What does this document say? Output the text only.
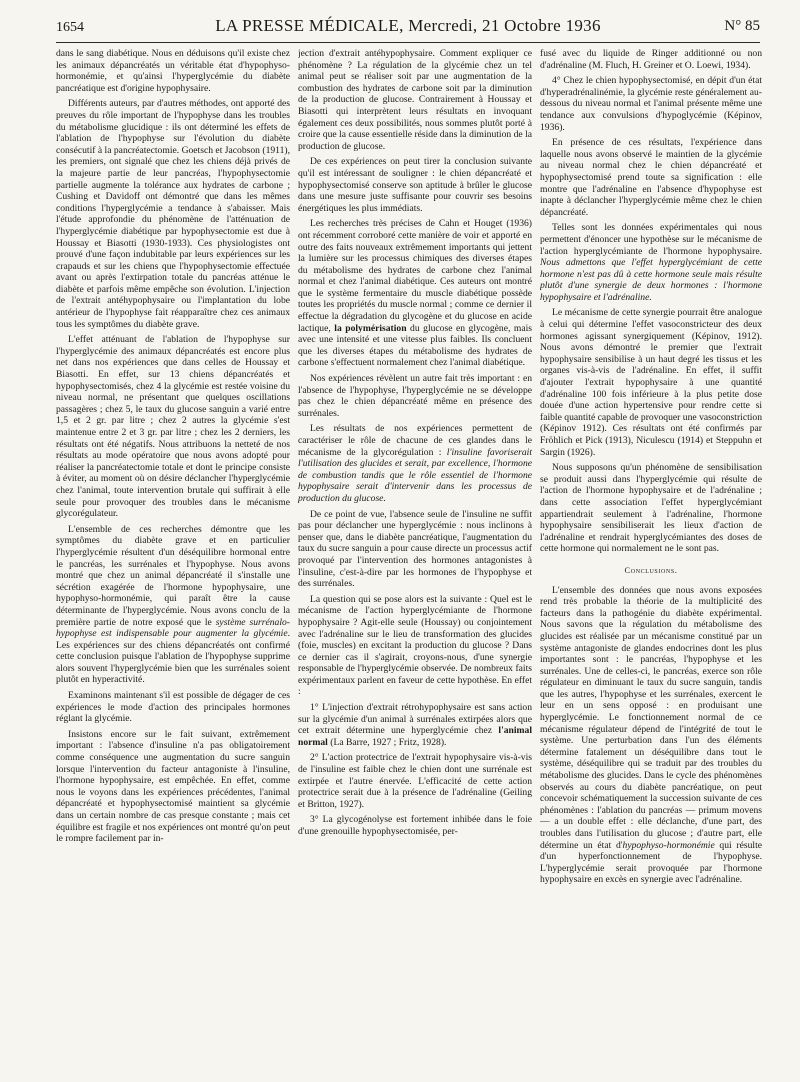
1654	LA PRESSE MÉDICALE, Mercredi, 21 Octobre 1936	N° 85

dans le sang diabétique. Nous en déduisons qu'il existe chez les animaux dépancréatés un véritable état d'hypophyso-hormonémie, et qu'ainsi l'hyperglycémie du diabète pancréatique est d'origine hypophysaire.

Différents auteurs, par d'autres méthodes, ont apporté des preuves du rôle important de l'hypophyse dans les troubles du métabolisme glucidique : ils ont déterminé les effets de l'ablation de l'hypophyse sur l'évolution du diabète consécutif à la pancréatectomie. Goetsch et Jacobson (1911), les premiers, ont signalé que chez les chiens déjà privés de la majeure partie de leur pancréas, l'hypophysectomie partielle augmente la tolérance aux hydrates de carbone ; Cushing et Davidoff ont démontré que dans les mêmes conditions l'hyperglycémie a tendance à s'abaisser. Mais l'étude approfondie du phénomène de l'atténuation de l'hyperglycémie diabétique par hypophysectomie est due à Houssay et Biasotti (1930-1933). Ces physiologistes ont prouvé d'une façon indubitable par leurs expériences sur les crapauds et sur les chiens que l'hypophysectomie effectuée avant ou après l'extirpation totale du pancréas atténue le diabète et parfois même empêche son évolution. L'injection de l'extrait antéhypophysaire ou l'implantation du lobe antérieur de l'hypophyse fait réapparaître chez ces animaux tous les symptômes du diabète grave.

L'effet atténuant de l'ablation de l'hypophyse sur l'hyperglycémie des animaux dépancréatés est encore plus net dans nos expériences que dans celles de Houssay et Biasotti. En effet, sur 13 chiens dépancréatés et hypophysectomisés, chez 4 la glycémie est restée voisine du niveau normal, ne présentant que quelques oscillations passagères ; chez 5, le taux du glucose sanguin a varié entre 1,5 et 2 gr. par litre ; chez 2 autres la glycémie s'est maintenue entre 2 et 3 gr. par litre ; chez les 2 derniers, les résultats ont été négatifs. Nous attribuons la netteté de nos résultats au mode opératoire que nous avons adopté pour réaliser la pancréatectomie totale et dont le principe consiste à éviter, au moment où on désire déclancher l'hyperglycémie chez l'animal, toute intervention brutale qui suffirait à elle seule pour provoquer des troubles dans le mécanisme glycorégulateur.

L'ensemble de ces recherches démontre que les symptômes du diabète grave et en particulier l'hyperglycémie résultent d'un déséquilibre hormonal entre le pancréas, les surrénales et l'hypophyse. Nous avons montré que chez un animal dépancréaté il s'installe une sécrétion exagérée de l'hormone hypophysaire, une hypophyso-hormonémie, qui paraît être la cause déterminante de l'hyperglycémie. Nous avons conclu de la première partie de notre exposé que le système surrénalo-hypophyse est indispensable pour augmenter la glycémie. Les expériences sur des chiens dépancréatés ont confirmé cette conclusion puisque l'ablation de l'hypophyse supprime alors souvent l'hyperglycémie bien que les surrénales soient plutôt en hyperactivité.

Examinons maintenant s'il est possible de dégager de ces expériences le mode d'action des principales hormones réglant la glycémie.

Insistons encore sur le fait suivant, extrêmement important : l'absence d'insuline n'a pas obligatoirement comme conséquence une augmentation du sucre sanguin lorsque l'intervention du facteur antagoniste à l'insuline, l'hormone hypophysaire, est empêchée. En effet, comme nous le voyons dans les expériences précédentes, l'animal dépancréaté et hypophysectomisé maintient sa glycémie dans un certain nombre de cas presque constante ; mais cet équilibre est fragile et nos expériences ont montré qu'on peut le rompre facilement par in-

jection d'extrait antéhypophysaire. Comment expliquer ce phénomène ? La régulation de la glycémie chez un tel animal peut se réaliser soit par une augmentation de la combustion des hydrates de carbone soit par la diminution de la production de glucose. Contrairement à Houssay et Biasotti qui interprètent leurs résultats en invoquant également ces deux possibilités, nous sommes plutôt porté à croire que la cause essentielle réside dans la diminution de la production de glucose.

De ces expériences on peut tirer la conclusion suivante qu'il est intéressant de souligner : le chien dépancréaté et hypophysectomisé conserve son aptitude à brûler le glucose dans une mesure juste suffisante pour couvrir ses besoins énergétiques les plus immédiats.

Les recherches très précises de Cahn et Houget (1936) ont récemment corroboré cette manière de voir et apporté en outre des faits nouveaux extrêmement importants qui jettent la lumière sur les processus chimiques des diverses étapes du métabolisme des hydrates de carbone chez l'animal normal et chez l'animal diabétique. Ces auteurs ont montré que le système fermentaire du muscle diabétique possède toutes les propriétés du muscle normal ; comme ce dernier il effectue la dégradation du glycogène et du glucose en acide lactique, la polymérisation du glucose en glycogène, mais avec une intensité et une vitesse plus faibles. Ils concluent que les diverses étapes du métabolisme des hydrates de carbone s'effectuent normalement chez l'animal diabétique.

Nos expériences révèlent un autre fait très important : en l'absence de l'hypophyse, l'hyperglycémie ne se développe pas chez le chien dépancréaté même en présence des surrénales.

Les résultats de nos expériences permettent de caractériser le rôle de chacune de ces glandes dans le mécanisme de la glycorégulation : l'insuline favoriserait l'utilisation des glucides et serait, par excellence, l'hormone de combustion tandis que le rôle essentiel de l'hormone hypophysaire serait d'intervenir dans les processus de production du glucose.

De ce point de vue, l'absence seule de l'insuline ne suffit pas pour déclancher une hyperglycémie : nous inclinons à penser que, dans le diabète pancréatique, l'augmentation du taux du sucre sanguin a pour cause directe un processus actif provoqué par l'intervention des hormones antagonistes à l'insuline, c'est-à-dire par les hormones de l'hypophyse et des surrénales.

La question qui se pose alors est la suivante : Quel est le mécanisme de l'action hyperglycémiante de l'hormone hypophysaire ? Agit-elle seule (Houssay) ou conjointement avec l'adrénaline sur le lieu de transformation des glucides (foie, muscles) en excitant la production du glucose ? Dans ce dernier cas il s'agirait, croyons-nous, d'une synergie responsable de l'hyperglycémie observée. De nombreux faits expérimentaux parlent en faveur de cette hypothèse. En effet :

1° L'injection d'extrait rétrohypophysaire est sans action sur la glycémie d'un animal à surrénales extirpées alors que cet extrait détermine une hyperglycémie chez l'animal normal (La Barre, 1927 ; Fritz, 1928).

2° L'action protectrice de l'extrait hypophysaire vis-à-vis de l'insuline est faible chez le chien dont une surrénale est extirpée et l'autre énervée. L'efficacité de cette action protectrice serait due à la présence de l'adrénaline (Geiling et Britton, 1927).

3° La glycogénolyse est fortement inhibée dans le foie d'une grenouille hypophysectomisée, per-

fusé avec du liquide de Ringer additionné ou non d'adrénaline (M. Fluch, H. Greiner et O. Loewi, 1934).

4° Chez le chien hypophysectomisé, en dépit d'un état d'hyperadrénalinémie, la glycémie reste généralement au-dessous du niveau normal et l'animal présente même une tendance aux convulsions d'hypoglycémie (Képinov, 1936).

En présence de ces résultats, l'expérience dans laquelle nous avons observé le maintien de la glycémie au niveau normal chez le chien dépancréaté et hypophysectomisé prend toute sa signification : elle montre que l'adrénaline en l'absence d'hypophyse est inapte à déclancher l'hyperglycémie même chez le chien dépancréaté.

Telles sont les données expérimentales qui nous permettent d'énoncer une hypothèse sur le mécanisme de l'action hyperglycémiante de l'hormone hypophysaire. Nous admettons que l'effet hyperglycémiant de cette hormone n'est pas dû à cette hormone seule mais résulte plutôt d'une synergie de deux hormones : l'hormone hypophysaire et l'adrénaline.

Le mécanisme de cette synergie pourrait être analogue à celui qui détermine l'effet vasoconstricteur des deux hormones agissant synergiquement (Képinov, 1912). Nous avons démontré le premier que l'extrait hypophysaire sensibilise à un haut degré les tissus et les organes vis-à-vis de l'adrénaline. En effet, il suffit d'ajouter l'extrait hypophysaire à une quantité d'adrénaline 100 fois inférieure à la plus petite dose douée d'une action hypertensive pour rendre cette si faible quantité capable de provoquer une vasoconstriction (Képinov 1912). Ces résultats ont été confirmés par Fröhlich et Pick (1913), Niculescu (1914) et Steppuhn et Sargin (1926).

Nous supposons qu'un phénomène de sensibilisation se produit aussi dans l'hyperglycémie qui résulte de l'action de l'hormone hypophysaire et de l'adrénaline ; dans cette association l'effet hyperglycémiant appartiendrait seulement à l'adrénaline, l'hormone hypophysaire sensibiliserait les lieux d'action de l'adrénaline et rendrait hyperglycémiantes des doses de cette hormone qui normalement ne le sont pas.

Conclusions.

L'ensemble des données que nous avons exposées rend très probable la théorie de la multiplicité des facteurs dans la pathogénie du diabète expérimental. Nous savons que la régulation du métabolisme des glucides est réalisée par un mécanisme constitué par un système antagoniste de glandes endocrines dont les plus importantes sont : le pancréas, l'hypophyse et les surrénales. Une de celles-ci, le pancréas, exerce son rôle régulateur en diminuant le taux du sucre sanguin, tandis que les autres, l'hypophyse et les surrénales, exercent le leur en un sens opposé : en produisant une hyperglycémie. Le fonctionnement normal de ce mécanisme régulateur dépend de l'intégrité de tout le système. Une perturbation dans l'un des éléments détermine fatalement un déséquilibre dans tout le système, déséquilibre qui se traduit par des troubles du métabolisme des glucides. Dans le cycle des phénomènes observés au cours du diabète pancréatique, on peut concevoir schématiquement la succession suivante de ces phénomènes : l'ablation du pancréas — primum movens — a un double effet : elle déclanche, d'une part, des troubles dans l'utilisation du glucose ; d'autre part, elle détermine un état d'hypophyso-hormonémie qui résulte d'un hyperfonctionnement de l'hypophyse. L'hyperglycémie serait provoquée par l'hormone hypophysaire en excès en synergie avec l'adrénaline.
